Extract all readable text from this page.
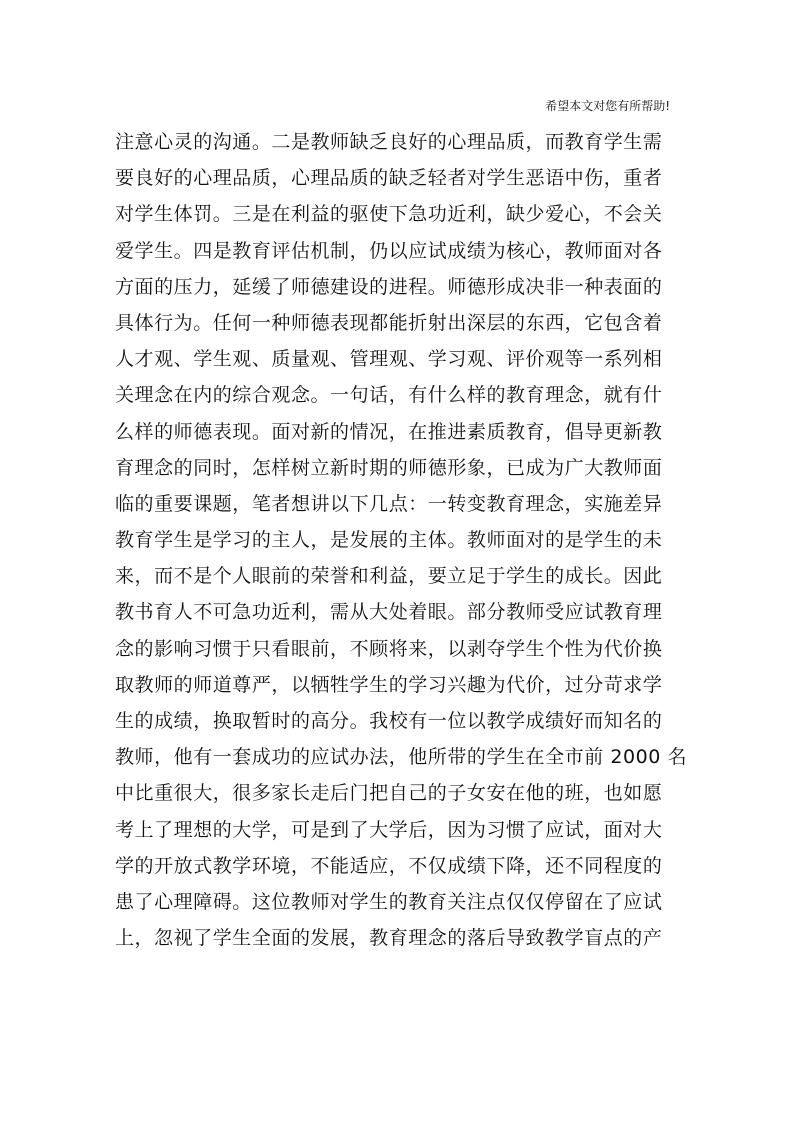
希望本文对您有所帮助!
注意心灵的沟通。二是教师缺乏良好的心理品质，而教育学生需
要良好的心理品质，心理品质的缺乏轻者对学生恶语中伤，重者
对学生体罚。三是在利益的驱使下急功近利，缺少爱心，不会关
爱学生。四是教育评估机制，仍以应试成绩为核心，教师面对各
方面的压力，延缓了师德建设的进程。师德形成决非一种表面的
具体行为。任何一种师德表现都能折射出深层的东西，它包含着
人才观、学生观、质量观、管理观、学习观、评价观等一系列相
关理念在内的综合观念。一句话，有什么样的教育理念，就有什
么样的师德表现。面对新的情况，在推进素质教育，倡导更新教
育理念的同时，怎样树立新时期的师德形象，已成为广大教师面
临的重要课题，笔者想讲以下几点：一转变教育理念，实施差异
教育学生是学习的主人，是发展的主体。教师面对的是学生的未
来，而不是个人眼前的荣誉和利益，要立足于学生的成长。因此
教书育人不可急功近利，需从大处着眼。部分教师受应试教育理
念的影响习惯于只看眼前，不顾将来，以剥夺学生个性为代价换
取教师的师道尊严，以牺牲学生的学习兴趣为代价，过分苛求学
生的成绩，换取暂时的高分。我校有一位以教学成绩好而知名的
教师，他有一套成功的应试办法，他所带的学生在全市前 2000 名
中比重很大，很多家长走后门把自己的子女安在他的班，也如愿
考上了理想的大学，可是到了大学后，因为习惯了应试，面对大
学的开放式教学环境，不能适应，不仅成绩下降，还不同程度的
患了心理障碍。这位教师对学生的教育关注点仅仅停留在了应试
上，忽视了学生全面的发展，教育理念的落后导致教学盲点的产
